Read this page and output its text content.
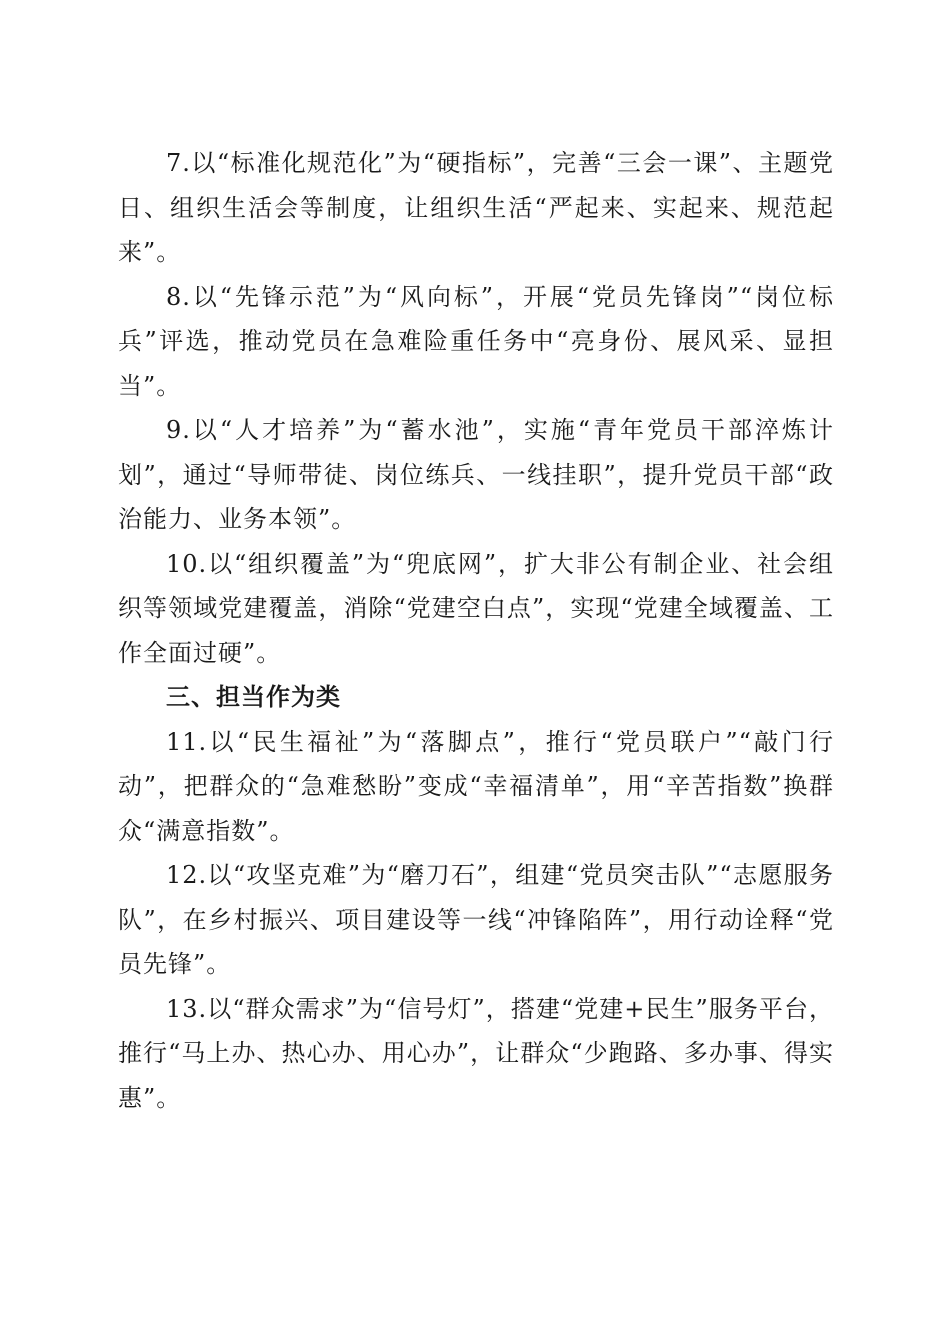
7.以“标准化规范化”为“硬指标”，完善“三会一课”、主题党日、组织生活会等制度，让组织生活“严起来、实起来、规范起来”。

8.以“先锋示范”为“风向标”，开展“党员先锋岗”“岗位标兵”评选，推动党员在急难险重任务中“亮身份、展风采、显担当”。

9.以“人才培养”为“蓄水池”，实施“青年党员干部淬炼计划”，通过“导师带徒、岗位练兵、一线挂职”，提升党员干部“政治能力、业务本领”。

10.以“组织覆盖”为“兜底网”，扩大非公有制企业、社会组织等领域党建覆盖，消除“党建空白点”，实现“党建全域覆盖、工作全面过硬”。

三、担当作为类

11.以“民生福祉”为“落脚点”，推行“党员联户”“敲门行动”，把群众的“急难愁盼”变成“幸福清单”，用“辛苦指数”换群众“满意指数”。

12.以“攻坚克难”为“磨刀石”，组建“党员突击队”“志愿服务队”，在乡村振兴、项目建设等一线“冲锋陷阵”，用行动诠释“党员先锋”。

13.以“群众需求”为“信号灯”，搭建“党建+民生”服务平台，推行“马上办、热心办、用心办”，让群众“少跑路、多办事、得实惠”。
